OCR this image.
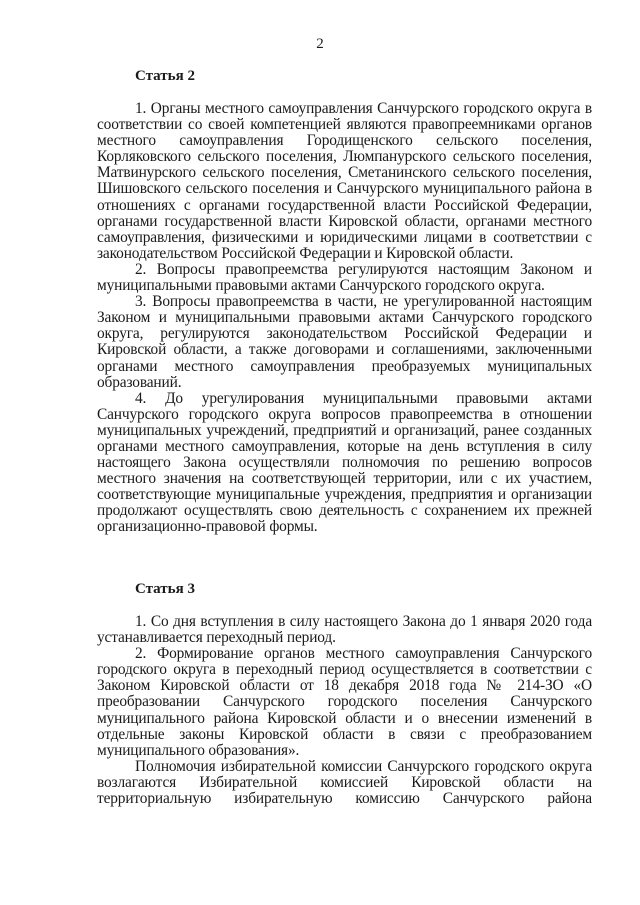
2

Статья 2

1. Органы местного самоуправления Санчурского городского округа в соответствии со своей компетенцией являются правопреемниками органов местного самоуправления Городищенского сельского поселения, Корляковского сельского поселения, Люмпанурского сельского поселения, Матвинурского сельского поселения, Сметанинского сельского поселения, Шишовского сельского поселения и Санчурского муниципального района в отношениях с органами государственной власти Российской Федерации, органами государственной власти Кировской области, органами местного самоуправления, физическими и юридическими лицами в соответствии с законодательством Российской Федерации и Кировской области.

2. Вопросы правопреемства регулируются настоящим Законом и муниципальными правовыми актами Санчурского городского округа.

3. Вопросы правопреемства в части, не урегулированной настоящим Законом и муниципальными правовыми актами Санчурского городского округа, регулируются законодательством Российской Федерации и Кировской области, а также договорами и соглашениями, заключенными органами местного самоуправления преобразуемых муниципальных образований.

4. До урегулирования муниципальными правовыми актами Санчурского городского округа вопросов правопреемства в отношении муниципальных учреждений, предприятий и организаций, ранее созданных органами местного самоуправления, которые на день вступления в силу настоящего Закона осуществляли полномочия по решению вопросов местного значения на соответствующей территории, или с их участием, соответствующие муниципальные учреждения, предприятия и организации продолжают осуществлять свою деятельность с сохранением их прежней организационно-правовой формы.

Статья 3

1. Со дня вступления в силу настоящего Закона до 1 января 2020 года устанавливается переходный период.

2. Формирование органов местного самоуправления Санчурского городского округа в переходный период осуществляется в соответствии с Законом Кировской области от 18 декабря 2018 года № 214-ЗО «О преобразовании Санчурского городского поселения Санчурского муниципального района Кировской области и о внесении изменений в отдельные законы Кировской области в связи с преобразованием муниципального образования».

Полномочия избирательной комиссии Санчурского городского округа возлагаются Избирательной комиссией Кировской области на территориальную избирательную комиссию Санчурского района
